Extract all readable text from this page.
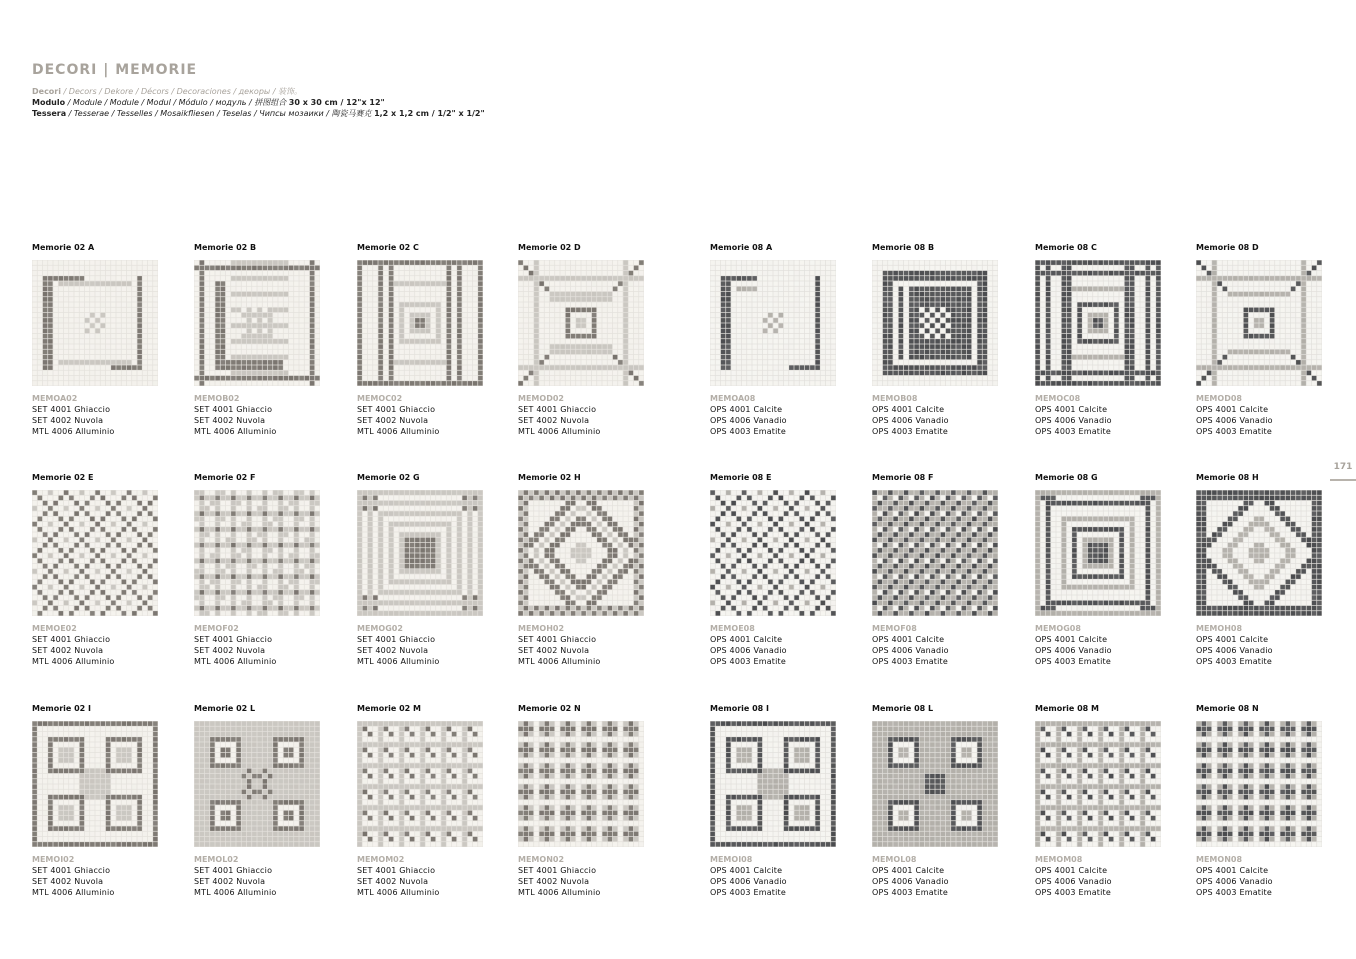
DECORI | MEMORIE
Decori / Decors / Dekore / Décors / Decoraciones / декоры / 装饰。
Modulo / Module / Module / Modul / Módulo / модуль / 拼图组合 30 x 30 cm / 12"x 12"
Tessera / Tesserae / Tesselles / Mosaikfliesen / Teselas / Чипсы мозаики / 陶瓷马赛克 1,2 x 1,2 cm / 1/2" x 1/2"
Memorie 02 A
MEMOA02
SET 4001 Ghiaccio
SET 4002 Nuvola
MTL 4006 Alluminio
Memorie 02 B
MEMOB02
SET 4001 Ghiaccio
SET 4002 Nuvola
MTL 4006 Alluminio
Memorie 02 C
MEMOC02
SET 4001 Ghiaccio
SET 4002 Nuvola
MTL 4006 Alluminio
Memorie 02 D
MEMOD02
SET 4001 Ghiaccio
SET 4002 Nuvola
MTL 4006 Alluminio
Memorie 08 A
MEMOA08
OPS 4001 Calcite
OPS 4006 Vanadio
OPS 4003 Ematite
Memorie 08 B
MEMOB08
OPS 4001 Calcite
OPS 4006 Vanadio
OPS 4003 Ematite
Memorie 08 C
MEMOC08
OPS 4001 Calcite
OPS 4006 Vanadio
OPS 4003 Ematite
Memorie 08 D
MEMOD08
OPS 4001 Calcite
OPS 4006 Vanadio
OPS 4003 Ematite
Memorie 02 E
MEMOE02
SET 4001 Ghiaccio
SET 4002 Nuvola
MTL 4006 Alluminio
Memorie 02 F
MEMOF02
SET 4001 Ghiaccio
SET 4002 Nuvola
MTL 4006 Alluminio
Memorie 02 G
MEMOG02
SET 4001 Ghiaccio
SET 4002 Nuvola
MTL 4006 Alluminio
Memorie 02 H
MEMOH02
SET 4001 Ghiaccio
SET 4002 Nuvola
MTL 4006 Alluminio
Memorie 08 E
MEMOE08
OPS 4001 Calcite
OPS 4006 Vanadio
OPS 4003 Ematite
Memorie 08 F
MEMOF08
OPS 4001 Calcite
OPS 4006 Vanadio
OPS 4003 Ematite
Memorie 08 G
MEMOG08
OPS 4001 Calcite
OPS 4006 Vanadio
OPS 4003 Ematite
Memorie 08 H
MEMOH08
OPS 4001 Calcite
OPS 4006 Vanadio
OPS 4003 Ematite
Memorie 02 I
MEMOI02
SET 4001 Ghiaccio
SET 4002 Nuvola
MTL 4006 Alluminio
Memorie 02 L
MEMOL02
SET 4001 Ghiaccio
SET 4002 Nuvola
MTL 4006 Alluminio
Memorie 02 M
MEMOM02
SET 4001 Ghiaccio
SET 4002 Nuvola
MTL 4006 Alluminio
Memorie 02 N
MEMON02
SET 4001 Ghiaccio
SET 4002 Nuvola
MTL 4006 Alluminio
Memorie 08 I
MEMOI08
OPS 4001 Calcite
OPS 4006 Vanadio
OPS 4003 Ematite
Memorie 08 L
MEMOL08
OPS 4001 Calcite
OPS 4006 Vanadio
OPS 4003 Ematite
Memorie 08 M
MEMOM08
OPS 4001 Calcite
OPS 4006 Vanadio
OPS 4003 Ematite
Memorie 08 N
MEMON08
OPS 4001 Calcite
OPS 4006 Vanadio
OPS 4003 Ematite
171
